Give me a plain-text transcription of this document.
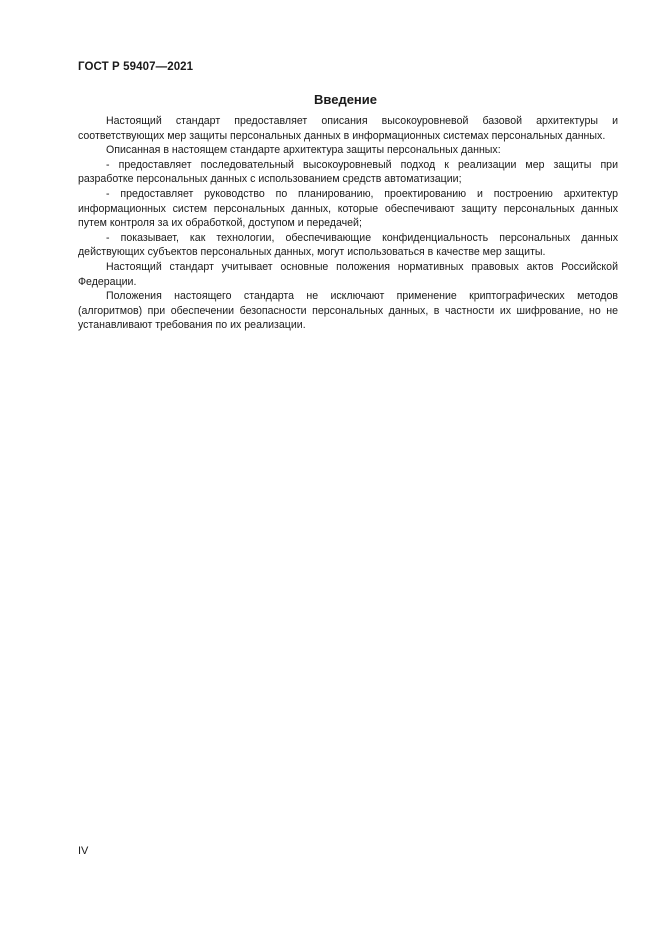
ГОСТ Р 59407—2021
Введение

Настоящий стандарт предоставляет описания высокоуровневой базовой архитектуры и соответствующих мер защиты персональных данных в информационных системах персональных данных.

Описанная в настоящем стандарте архитектура защиты персональных данных:

- предоставляет последовательный высокоуровневый подход к реализации мер защиты при разработке персональных данных с использованием средств автоматизации;

- предоставляет руководство по планированию, проектированию и построению архитектур информационных систем персональных данных, которые обеспечивают защиту персональных данных путем контроля за их обработкой, доступом и передачей;

- показывает, как технологии, обеспечивающие конфиденциальность персональных данных действующих субъектов персональных данных, могут использоваться в качестве мер защиты.

Настоящий стандарт учитывает основные положения нормативных правовых актов Российской Федерации.

Положения настоящего стандарта не исключают применение криптографических методов (алгоритмов) при обеспечении безопасности персональных данных, в частности их шифрование, но не устанавливают требования по их реализации.

IV
